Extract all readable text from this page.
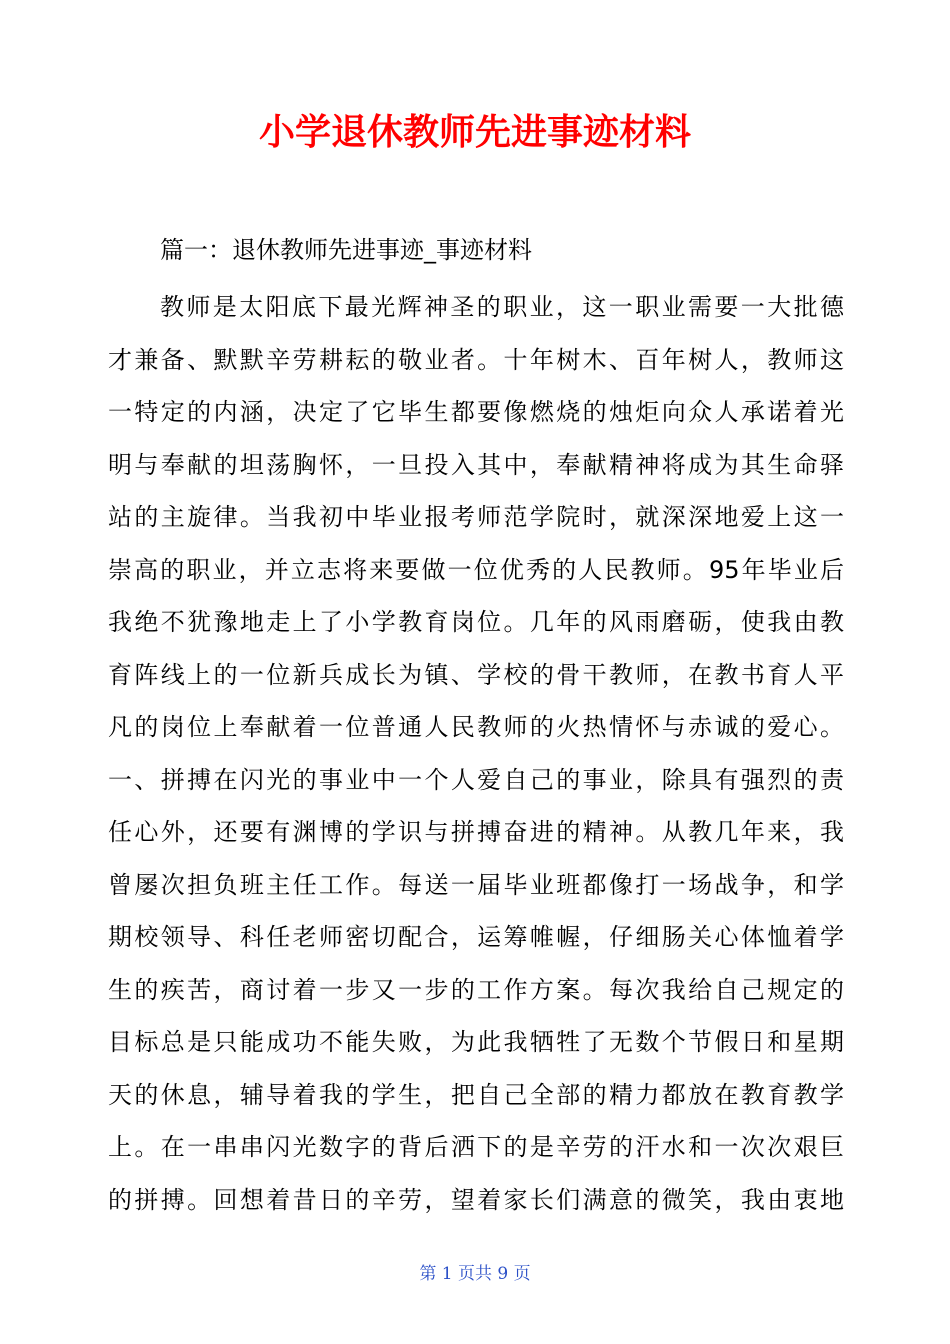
小学退休教师先进事迹材料

篇一：退休教师先进事迹_事迹材料

教师是太阳底下最光辉神圣的职业，这一职业需要一大批德
才兼备、默默辛劳耕耘的敬业者。十年树木、百年树人，教师这
一特定的内涵，决定了它毕生都要像燃烧的烛炬向众人承诺着光
明与奉献的坦荡胸怀，一旦投入其中，奉献精神将成为其生命驿
站的主旋律。当我初中毕业报考师范学院时，就深深地爱上这一
崇高的职业，并立志将来要做一位优秀的人民教师。95年毕业后
我绝不犹豫地走上了小学教育岗位。几年的风雨磨砺，使我由教
育阵线上的一位新兵成长为镇、学校的骨干教师，在教书育人平
凡的岗位上奉献着一位普通人民教师的火热情怀与赤诚的爱心。
一、拼搏在闪光的事业中一个人爱自己的事业，除具有强烈的责
任心外，还要有渊博的学识与拼搏奋进的精神。从教几年来，我
曾屡次担负班主任工作。每送一届毕业班都像打一场战争，和学
期校领导、科任老师密切配合，运筹帷幄，仔细肠关心体恤着学
生的疾苦，商讨着一步又一步的工作方案。每次我给自己规定的
目标总是只能成功不能失败，为此我牺牲了无数个节假日和星期
天的休息，辅导着我的学生，把自己全部的精力都放在教育教学
上。在一串串闪光数字的背后洒下的是辛劳的汗水和一次次艰巨
的拼搏。回想着昔日的辛劳，望着家长们满意的微笑，我由衷地
第 1 页共 9 页
